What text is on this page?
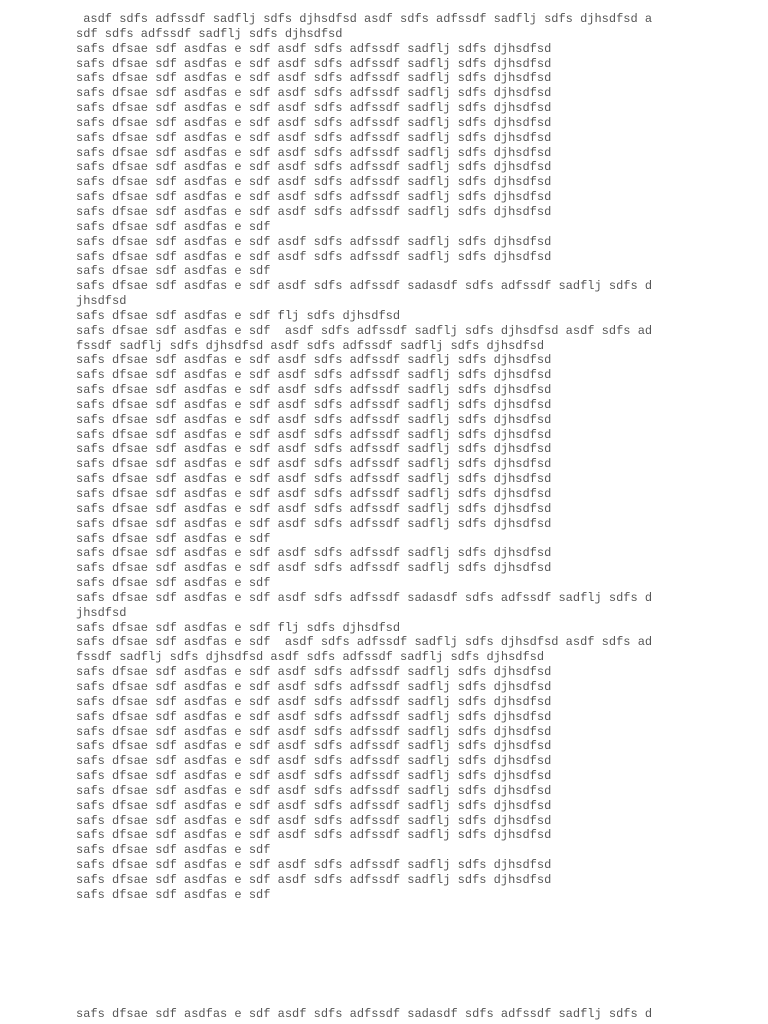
asdf sdfs adfssdf sadflj sdfs djhsdfsd asdf sdfs adfssdf sadflj sdfs djhsdfsd a
sdf sdfs adfssdf sadflj sdfs djhsdfsd
safs dfsae sdf asdfas e sdf asdf sdfs adfssdf sadflj sdfs djhsdfsd
safs dfsae sdf asdfas e sdf asdf sdfs adfssdf sadflj sdfs djhsdfsd
safs dfsae sdf asdfas e sdf asdf sdfs adfssdf sadflj sdfs djhsdfsd
safs dfsae sdf asdfas e sdf asdf sdfs adfssdf sadflj sdfs djhsdfsd
safs dfsae sdf asdfas e sdf asdf sdfs adfssdf sadflj sdfs djhsdfsd
safs dfsae sdf asdfas e sdf asdf sdfs adfssdf sadflj sdfs djhsdfsd
safs dfsae sdf asdfas e sdf asdf sdfs adfssdf sadflj sdfs djhsdfsd
safs dfsae sdf asdfas e sdf asdf sdfs adfssdf sadflj sdfs djhsdfsd
safs dfsae sdf asdfas e sdf asdf sdfs adfssdf sadflj sdfs djhsdfsd
safs dfsae sdf asdfas e sdf asdf sdfs adfssdf sadflj sdfs djhsdfsd
safs dfsae sdf asdfas e sdf asdf sdfs adfssdf sadflj sdfs djhsdfsd
safs dfsae sdf asdfas e sdf asdf sdfs adfssdf sadflj sdfs djhsdfsd
safs dfsae sdf asdfas e sdf
safs dfsae sdf asdfas e sdf asdf sdfs adfssdf sadflj sdfs djhsdfsd
safs dfsae sdf asdfas e sdf asdf sdfs adfssdf sadflj sdfs djhsdfsd
safs dfsae sdf asdfas e sdf
safs dfsae sdf asdfas e sdf asdf sdfs adfssdf sadasdf sdfs adfssdf sadflj sdfs d
jhsdfsd
safs dfsae sdf asdfas e sdf flj sdfs djhsdfsd
safs dfsae sdf asdfas e sdf  asdf sdfs adfssdf sadflj sdfs djhsdfsd asdf sdfs ad
fssdf sadflj sdfs djhsdfsd asdf sdfs adfssdf sadflj sdfs djhsdfsd
safs dfsae sdf asdfas e sdf asdf sdfs adfssdf sadflj sdfs djhsdfsd
safs dfsae sdf asdfas e sdf asdf sdfs adfssdf sadflj sdfs djhsdfsd
safs dfsae sdf asdfas e sdf asdf sdfs adfssdf sadflj sdfs djhsdfsd
safs dfsae sdf asdfas e sdf asdf sdfs adfssdf sadflj sdfs djhsdfsd
safs dfsae sdf asdfas e sdf asdf sdfs adfssdf sadflj sdfs djhsdfsd
safs dfsae sdf asdfas e sdf asdf sdfs adfssdf sadflj sdfs djhsdfsd
safs dfsae sdf asdfas e sdf asdf sdfs adfssdf sadflj sdfs djhsdfsd
safs dfsae sdf asdfas e sdf asdf sdfs adfssdf sadflj sdfs djhsdfsd
safs dfsae sdf asdfas e sdf asdf sdfs adfssdf sadflj sdfs djhsdfsd
safs dfsae sdf asdfas e sdf asdf sdfs adfssdf sadflj sdfs djhsdfsd
safs dfsae sdf asdfas e sdf asdf sdfs adfssdf sadflj sdfs djhsdfsd
safs dfsae sdf asdfas e sdf asdf sdfs adfssdf sadflj sdfs djhsdfsd
safs dfsae sdf asdfas e sdf
safs dfsae sdf asdfas e sdf asdf sdfs adfssdf sadflj sdfs djhsdfsd
safs dfsae sdf asdfas e sdf asdf sdfs adfssdf sadflj sdfs djhsdfsd
safs dfsae sdf asdfas e sdf
safs dfsae sdf asdfas e sdf asdf sdfs adfssdf sadasdf sdfs adfssdf sadflj sdfs d
jhsdfsd
safs dfsae sdf asdfas e sdf flj sdfs djhsdfsd
safs dfsae sdf asdfas e sdf  asdf sdfs adfssdf sadflj sdfs djhsdfsd asdf sdfs ad
fssdf sadflj sdfs djhsdfsd asdf sdfs adfssdf sadflj sdfs djhsdfsd
safs dfsae sdf asdfas e sdf asdf sdfs adfssdf sadflj sdfs djhsdfsd
safs dfsae sdf asdfas e sdf asdf sdfs adfssdf sadflj sdfs djhsdfsd
safs dfsae sdf asdfas e sdf asdf sdfs adfssdf sadflj sdfs djhsdfsd
safs dfsae sdf asdfas e sdf asdf sdfs adfssdf sadflj sdfs djhsdfsd
safs dfsae sdf asdfas e sdf asdf sdfs adfssdf sadflj sdfs djhsdfsd
safs dfsae sdf asdfas e sdf asdf sdfs adfssdf sadflj sdfs djhsdfsd
safs dfsae sdf asdfas e sdf asdf sdfs adfssdf sadflj sdfs djhsdfsd
safs dfsae sdf asdfas e sdf asdf sdfs adfssdf sadflj sdfs djhsdfsd
safs dfsae sdf asdfas e sdf asdf sdfs adfssdf sadflj sdfs djhsdfsd
safs dfsae sdf asdfas e sdf asdf sdfs adfssdf sadflj sdfs djhsdfsd
safs dfsae sdf asdfas e sdf asdf sdfs adfssdf sadflj sdfs djhsdfsd
safs dfsae sdf asdfas e sdf asdf sdfs adfssdf sadflj sdfs djhsdfsd
safs dfsae sdf asdfas e sdf
safs dfsae sdf asdfas e sdf asdf sdfs adfssdf sadflj sdfs djhsdfsd
safs dfsae sdf asdfas e sdf asdf sdfs adfssdf sadflj sdfs djhsdfsd
safs dfsae sdf asdfas e sdf
safs dfsae sdf asdfas e sdf asdf sdfs adfssdf sadasdf sdfs adfssdf sadflj sdfs d
